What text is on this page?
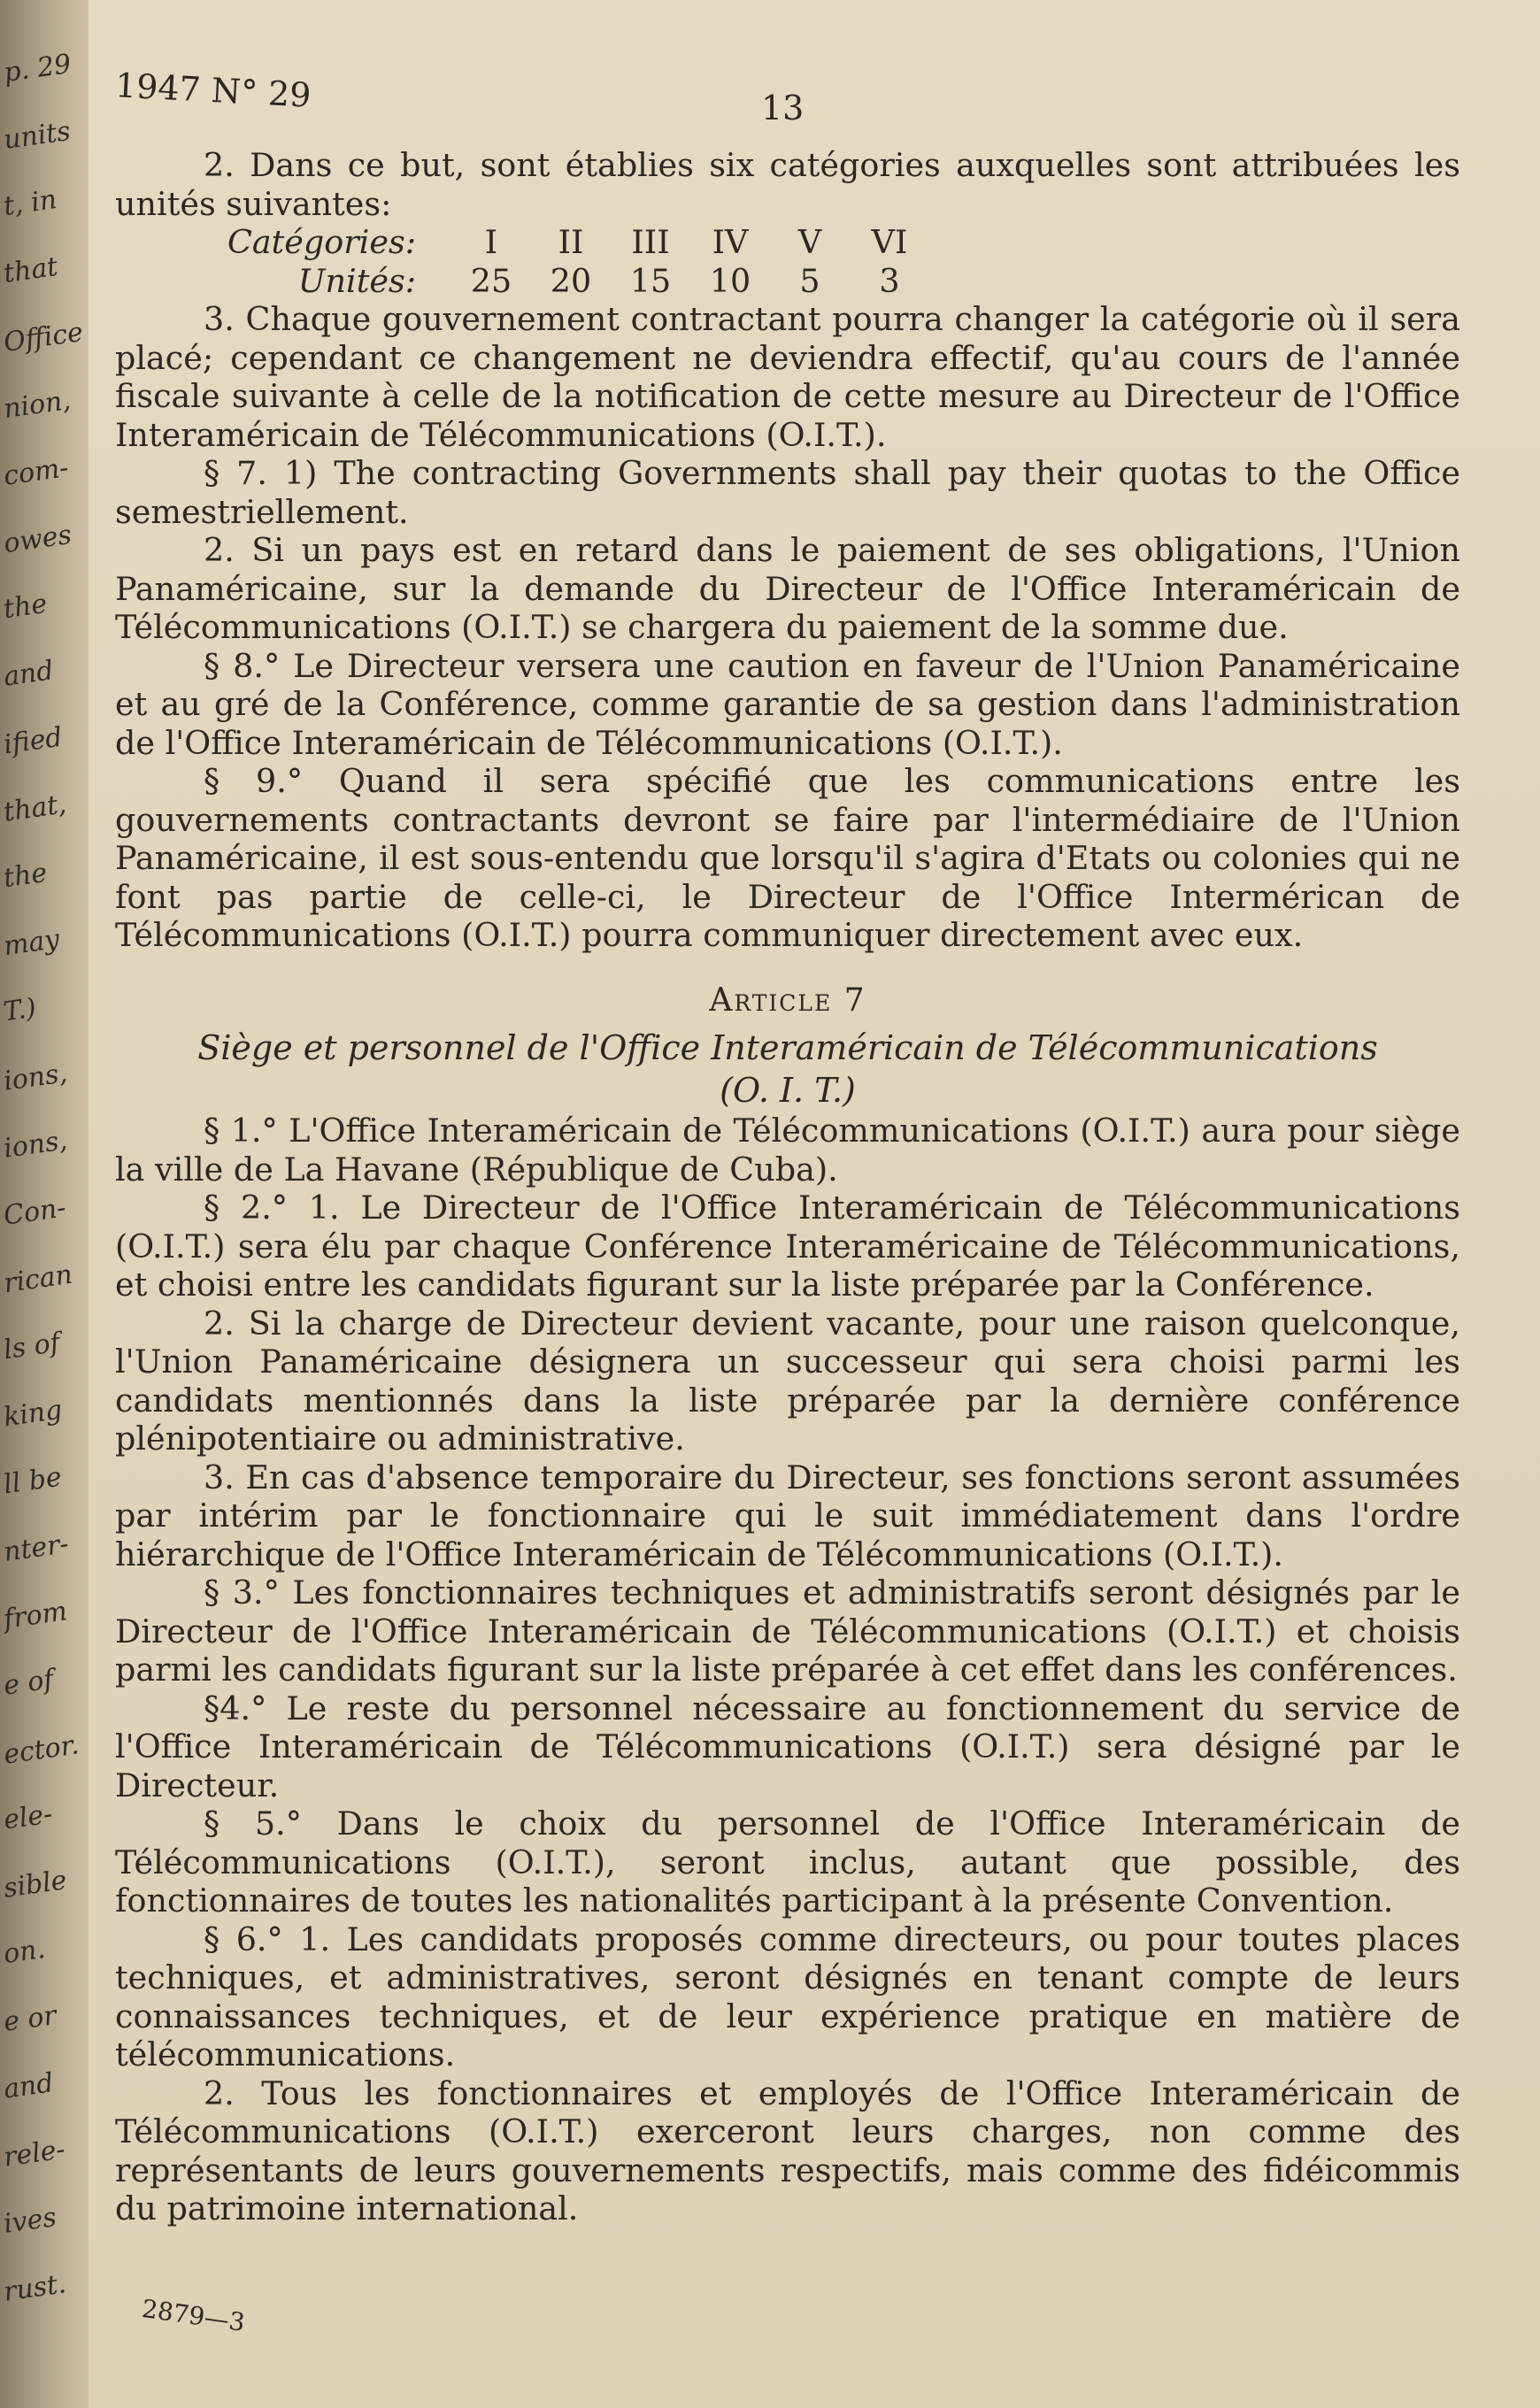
p. 29
units
t, in
that
Office
nion,
com-
owes
the
and
ified
that,
the
may
T.)
ions,
ions,
Con-
rican
ls of
king
ll be
nter-
from
e of
ector.
ele-
sible
on.
e or
and
rele-
ives
rust.
1947 N° 29	13

2. Dans ce but, sont établies six catégories auxquelles sont attribuées les unités suivantes:

Catégories:	I II III IV V VI
Unités:	25 20 15 10 5 3

3. Chaque gouvernement contractant pourra changer la catégorie où il sera placé; cependant ce changement ne deviendra effectif, qu'au cours de l'année fiscale suivante à celle de la notification de cette mesure au Directeur de l'Office Interaméricain de Télécommunications (O.I.T.).

§ 7. 1) The contracting Governments shall pay their quotas to the Office semestriellement.

2. Si un pays est en retard dans le paiement de ses obligations, l'Union Panaméricaine, sur la demande du Directeur de l'Office Interaméricain de Télécommunications (O.I.T.) se chargera du paiement de la somme due.

§ 8.° Le Directeur versera une caution en faveur de l'Union Panaméricaine et au gré de la Conférence, comme garantie de sa gestion dans l'administration de l'Office Interaméricain de Télécommunications (O.I.T.).

§ 9.° Quand il sera spécifié que les communications entre les gouvernements contractants devront se faire par l'intermédiaire de l'Union Panaméricaine, il est sous-entendu que lorsqu'il s'agira d'Etats ou colonies qui ne font pas partie de celle-ci, le Directeur de l'Office Intermérican de Télécommunications (O.I.T.) pourra communiquer directement avec eux.

Article 7
Siège et personnel de l'Office Interaméricain de Télécommunications
(O. I. T.)

§ 1.° L'Office Interaméricain de Télécommunications (O.I.T.) aura pour siège la ville de La Havane (République de Cuba).

§ 2.° 1. Le Directeur de l'Office Interaméricain de Télécommunications (O.I.T.) sera élu par chaque Conférence Interaméricaine de Télécommunications, et choisi entre les candidats figurant sur la liste préparée par la Conférence.

2. Si la charge de Directeur devient vacante, pour une raison quelconque, l'Union Panaméricaine désignera un successeur qui sera choisi parmi les candidats mentionnés dans la liste préparée par la dernière conférence plénipotentiaire ou administrative.

3. En cas d'absence temporaire du Directeur, ses fonctions seront assumées par intérim par le fonctionnaire qui le suit immédiatement dans l'ordre hiérarchique de l'Office Interaméricain de Télécommunications (O.I.T.).

§ 3.° Les fonctionnaires techniques et administratifs seront désignés par le Directeur de l'Office Interaméricain de Télécommunications (O.I.T.) et choisis parmi les candidats figurant sur la liste préparée à cet effet dans les conférences.

§4.° Le reste du personnel nécessaire au fonctionnement du service de l'Office Interaméricain de Télécommunications (O.I.T.) sera désigné par le Directeur.

§ 5.° Dans le choix du personnel de l'Office Interaméricain de Télécommunications (O.I.T.), seront inclus, autant que possible, des fonctionnaires de toutes les nationalités participant à la présente Convention.

§ 6.° 1. Les candidats proposés comme directeurs, ou pour toutes places techniques, et administratives, seront désignés en tenant compte de leurs connaissances techniques, et de leur expérience pratique en matière de télécommunications.

2. Tous les fonctionnaires et employés de l'Office Interaméricain de Télécommunications (O.I.T.) exerceront leurs charges, non comme des représentants de leurs gouvernements respectifs, mais comme des fidéicommis du patrimoine international.

2879—3
